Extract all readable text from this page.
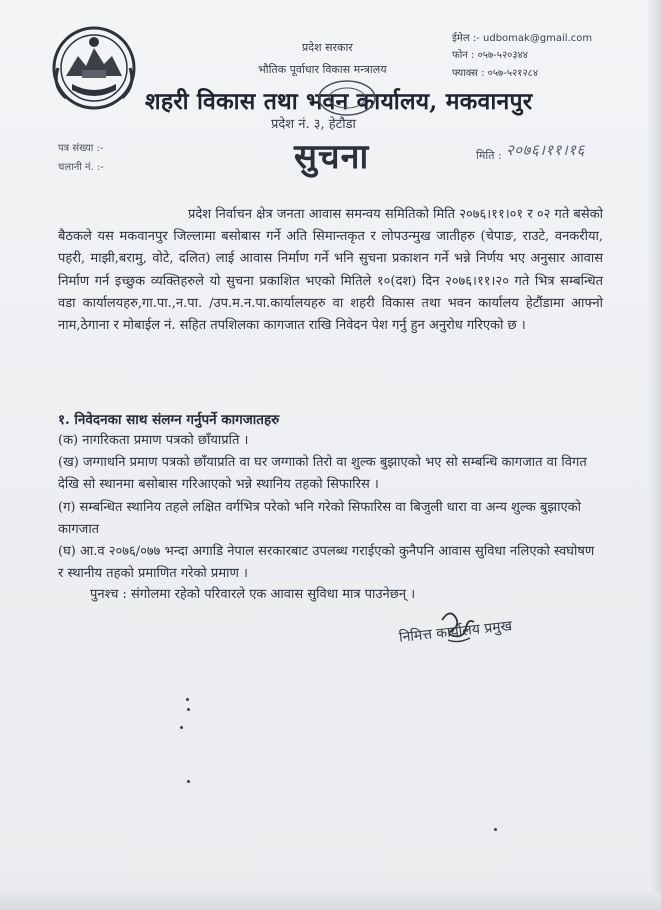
प्रदेश सरकार
भौतिक पूर्वाधार विकास मन्त्रालय
शहरी विकास तथा भवन कार्यालय, मकवानपुर
प्रदेश नं. ३, हेटौडा
ईमेल :- udbomak@gmail.com
फोन : ०५७-५२०३४४
फ्याक्स : ०५७-५२१२८४
पत्र संख्या :-
चलानी नं. :-	सुचना	मिति : २०७६।११।१६
प्रदेश निर्वाचन क्षेत्र जनता आवास समन्वय समितिको मिति २०७६।११।०१ र ०२ गते बसेको बैठकले यस मकवानपुर जिल्लामा बसोबास गर्ने अति सिमान्तकृत र लोपउन्मुख जातीहरु (चेपाङ, राउटे, वनकरीया, पहरी, माझी,बरामु, वोटे, दलित) लाई आवास निर्माण गर्ने भनि सुचना प्रकाशन गर्ने भन्ने निर्णय भए अनुसार आवास निर्माण गर्न इच्छुक व्यक्तिहरुले यो सुचना प्रकाशित भएको मितिले १०(दश) दिन २०७६।११।२० गते भित्र सम्बन्धित वडा कार्यालयहरु,गा.पा.,न.पा. /उप.म.न.पा.कार्यालयहरु वा शहरी विकास तथा भवन कार्यालय हेटौंडामा आफ्नो नाम,ठेगाना र मोबाईल नं. सहित तपशिलका कागजात राखि निवेदन पेश गर्नु हुन अनुरोध गरिएको छ ।
१. निवेदनका साथ संलग्न गर्नुपर्ने कागजातहरु

(क) नागरिकता प्रमाण पत्रको छाँयाप्रति ।

(ख) जग्गाधनि प्रमाण पत्रको छाँयाप्रति वा घर जग्गाको तिरो वा शुल्क बुझाएको भए सो सम्बन्धि कागजात वा विगत देखि सो स्थानमा बसोबास गरिआएको भन्ने स्थानिय तहको सिफारिस ।

(ग) सम्बन्धित स्थानिय तहले लक्षित वर्गभित्र परेको भनि गरेको सिफारिस वा बिजुली धारा वा अन्य शुल्क बुझाएको कागजात

(घ) आ.व २०७६/०७७ भन्दा अगाडि नेपाल सरकारबाट उपलब्ध गराईएको कुनैपनि आवास सुविधा नलिएको स्वघोषण र स्थानीय तहको प्रमाणित गरेको प्रमाण ।

पुनश्च : संगोलमा रहेको परिवारले एक आवास सुविधा मात्र पाउनेछन् ।
निमित्त कार्यालय प्रमुख
